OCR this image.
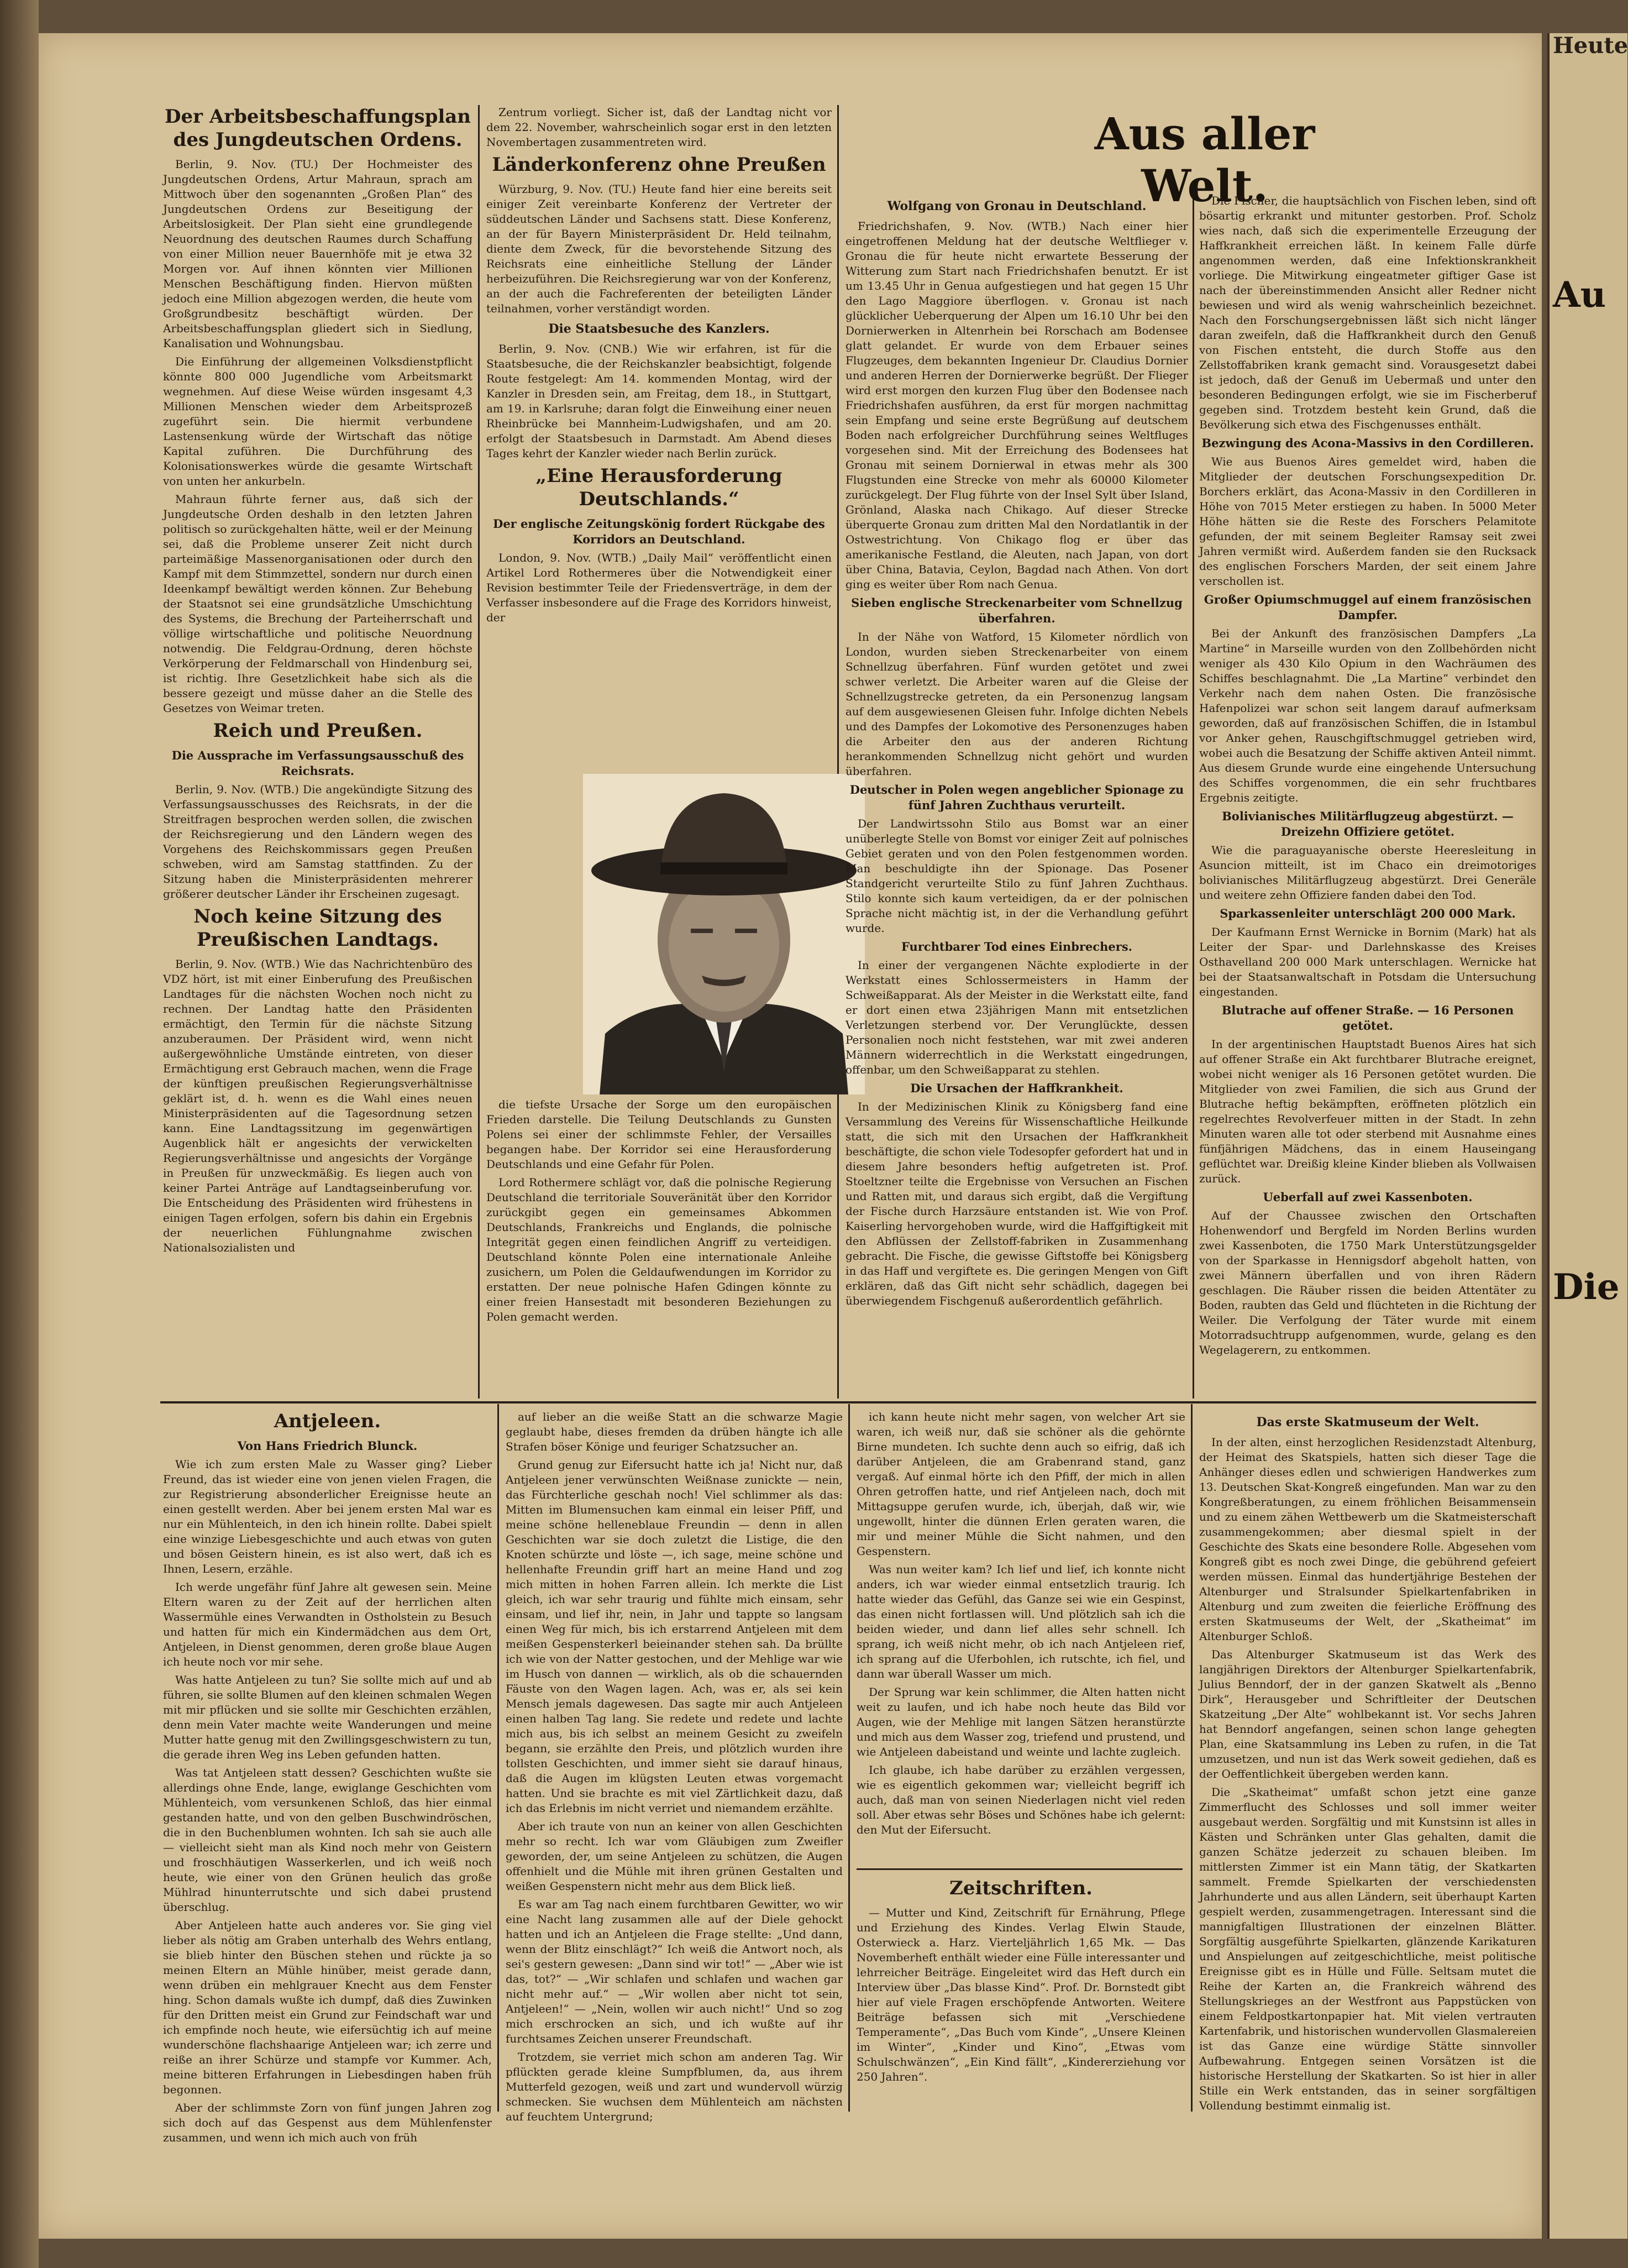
Der Arbeitsbeschaffungsplan des Jungdeutschen Ordens.

Berlin, 9. Nov. (TU.) Der Hochmeister des Jungdeutschen Ordens, Artur Mahraun, sprach am Mittwoch über den sogenannten „Großen Plan“ des Jungdeutschen Ordens zur Beseitigung der Arbeitslosigkeit. Der Plan sieht eine grundlegende Neuordnung des deutschen Raumes durch Schaffung von einer Million neuer Bauernhöfe mit je etwa 32 Morgen vor. Auf ihnen könnten vier Millionen Menschen Beschäftigung finden. Hiervon müßten jedoch eine Million abgezogen werden, die heute vom Großgrundbesitz beschäftigt würden. Der Arbeitsbeschaffungsplan gliedert sich in Siedlung, Kanalisation und Wohnungsbau.

Die Einführung der allgemeinen Volksdienstpflicht könnte 800 000 Jugendliche vom Arbeitsmarkt wegnehmen. Auf diese Weise würden insgesamt 4,3 Millionen Menschen wieder dem Arbeitsprozeß zugeführt sein. Die hiermit verbundene Lastensenkung würde der Wirtschaft das nötige Kapital zuführen. Die Durchführung des Kolonisationswerkes würde die gesamte Wirtschaft von unten her ankurbeln.

Mahraun führte ferner aus, daß sich der Jungdeutsche Orden deshalb in den letzten Jahren politisch so zurückgehalten hätte, weil er der Meinung sei, daß die Probleme unserer Zeit nicht durch parteimäßige Massenorganisationen oder durch den Kampf mit dem Stimmzettel, sondern nur durch einen Ideenkampf bewältigt werden können. Zur Behebung der Staatsnot sei eine grundsätzliche Umschichtung des Systems, die Brechung der Parteiherrschaft und völlige wirtschaftliche und politische Neuordnung notwendig. Die Feldgrau-Ordnung, deren höchste Verkörperung der Feldmarschall von Hindenburg sei, ist richtig. Ihre Gesetzlichkeit habe sich als die bessere gezeigt und müsse daher an die Stelle des Gesetzes von Weimar treten.

Reich und Preußen.
Die Aussprache im Verfassungsausschuß des Reichsrats.

Berlin, 9. Nov. (WTB.) Die angekündigte Sitzung des Verfassungsausschusses des Reichsrats, in der die Streitfragen besprochen werden sollen, die zwischen der Reichsregierung und den Ländern wegen des Vorgehens des Reichskommissars gegen Preußen schweben, wird am Samstag stattfinden. Zu der Sitzung haben die Ministerpräsidenten mehrerer größerer deutscher Länder ihr Erscheinen zugesagt.

Noch keine Sitzung des Preußischen Landtags.

Berlin, 9. Nov. (WTB.) Wie das Nachrichtenbüro des VDZ hört, ist mit einer Einberufung des Preußischen Landtages für die nächsten Wochen noch nicht zu rechnen. Der Landtag hatte den Präsidenten ermächtigt, den Termin für die nächste Sitzung anzuberaumen. Der Präsident wird, wenn nicht außergewöhnliche Umstände eintreten, von dieser Ermächtigung erst Gebrauch machen, wenn die Frage der künftigen preußischen Regierungsverhältnisse geklärt ist, d. h. wenn es die Wahl eines neuen Ministerpräsidenten auf die Tagesordnung setzen kann. Eine Landtagssitzung im gegenwärtigen Augenblick hält er angesichts der verwickelten Regierungsverhältnisse und angesichts der Vorgänge in Preußen für unzweckmäßig. Es liegen auch von keiner Partei Anträge auf Landtagseinberufung vor. Die Entscheidung des Präsidenten wird frühestens in einigen Tagen erfolgen, sofern bis dahin ein Ergebnis der neuerlichen Fühlungnahme zwischen Nationalsozialisten und

Zentrum vorliegt. Sicher ist, daß der Landtag nicht vor dem 22. November, wahrscheinlich sogar erst in den letzten Novembertagen zusammentreten wird.

Länderkonferenz ohne Preußen

Würzburg, 9. Nov. (TU.) Heute fand hier eine bereits seit einiger Zeit vereinbarte Konferenz der Vertreter der süddeutschen Länder und Sachsens statt. Diese Konferenz, an der für Bayern Ministerpräsident Dr. Held teilnahm, diente dem Zweck, für die bevorstehende Sitzung des Reichsrats eine einheitliche Stellung der Länder herbeizuführen. Die Reichsregierung war von der Konferenz, an der auch die Fachreferenten der beteiligten Länder teilnahmen, vorher verständigt worden.

Die Staatsbesuche des Kanzlers.

Berlin, 9. Nov. (CNB.) Wie wir erfahren, ist für die Staatsbesuche, die der Reichskanzler beabsichtigt, folgende Route festgelegt: Am 14. kommenden Montag, wird der Kanzler in Dresden sein, am Freitag, dem 18., in Stuttgart, am 19. in Karlsruhe; daran folgt die Einweihung einer neuen Rheinbrücke bei Mannheim-Ludwigshafen, und am 20. erfolgt der Staatsbesuch in Darmstadt. Am Abend dieses Tages kehrt der Kanzler wieder nach Berlin zurück.

„Eine Herausforderung Deutschlands.“
Der englische Zeitungskönig fordert Rückgabe des Korridors an Deutschland.

London, 9. Nov. (WTB.) „Daily Mail“ veröffentlicht einen Artikel Lord Rothermeres über die Notwendigkeit einer Revision bestimmter Teile der Friedensverträge, in dem der Verfasser insbesondere auf die Frage des Korridors hinweist, der

die tiefste Ursache der Sorge um den europäischen Frieden darstelle. Die Teilung Deutschlands zu Gunsten Polens sei einer der schlimmste Fehler, der Versailles begangen habe. Der Korridor sei eine Herausforderung Deutschlands und eine Gefahr für Polen.

Lord Rothermere schlägt vor, daß die polnische Regierung Deutschland die territoriale Souveränität über den Korridor zurückgibt gegen ein gemeinsames Abkommen Deutschlands, Frankreichs und Englands, die polnische Integrität gegen einen feindlichen Angriff zu verteidigen. Deutschland könnte Polen eine internationale Anleihe zusichern, um Polen die Geldaufwendungen im Korridor zu erstatten. Der neue polnische Hafen Gdingen könnte zu einer freien Hansestadt mit besonderen Beziehungen zu Polen gemacht werden.

Aus aller Welt.
Wolfgang von Gronau in Deutschland.

Friedrichshafen, 9. Nov. (WTB.) Nach einer hier eingetroffenen Meldung hat der deutsche Weltflieger v. Gronau die für heute nicht erwartete Besserung der Witterung zum Start nach Friedrichshafen benutzt. Er ist um 13.45 Uhr in Genua aufgestiegen und hat gegen 15 Uhr den Lago Maggiore überflogen. v. Gronau ist nach glücklicher Ueberquerung der Alpen um 16.10 Uhr bei den Dornierwerken in Altenrhein bei Rorschach am Bodensee glatt gelandet. Er wurde von dem Erbauer seines Flugzeuges, dem bekannten Ingenieur Dr. Claudius Dornier und anderen Herren der Dornierwerke begrüßt. Der Flieger wird erst morgen den kurzen Flug über den Bodensee nach Friedrichshafen ausführen, da erst für morgen nachmittag sein Empfang und seine erste Begrüßung auf deutschem Boden nach erfolgreicher Durchführung seines Weltfluges vorgesehen sind. Mit der Erreichung des Bodensees hat Gronau mit seinem Dornierwal in etwas mehr als 300 Flugstunden eine Strecke von mehr als 60000 Kilometer zurückgelegt. Der Flug führte von der Insel Sylt über Island, Grönland, Alaska nach Chikago. Auf dieser Strecke überquerte Gronau zum dritten Mal den Nordatlantik in der Ostwestrichtung. Von Chikago flog er über das amerikanische Festland, die Aleuten, nach Japan, von dort über China, Batavia, Ceylon, Bagdad nach Athen. Von dort ging es weiter über Rom nach Genua.

Sieben englische Streckenarbeiter vom Schnellzug überfahren.

In der Nähe von Watford, 15 Kilometer nördlich von London, wurden sieben Streckenarbeiter von einem Schnellzug überfahren. Fünf wurden getötet und zwei schwer verletzt. Die Arbeiter waren auf die Gleise der Schnellzugstrecke getreten, da ein Personenzug langsam auf dem ausgewiesenen Gleisen fuhr. Infolge dichten Nebels und des Dampfes der Lokomotive des Personenzuges haben die Arbeiter den aus der anderen Richtung herankommenden Schnellzug nicht gehört und wurden überfahren.

Deutscher in Polen wegen angeblicher Spionage zu fünf Jahren Zuchthaus verurteilt.

Der Landwirtssohn Stilo aus Bomst war an einer unüberlegte Stelle von Bomst vor einiger Zeit auf polnisches Gebiet geraten und von den Polen festgenommen worden. Man beschuldigte ihn der Spionage. Das Posener Standgericht verurteilte Stilo zu fünf Jahren Zuchthaus. Stilo konnte sich kaum verteidigen, da er der polnischen Sprache nicht mächtig ist, in der die Verhandlung geführt wurde.

Furchtbarer Tod eines Einbrechers.

In einer der vergangenen Nächte explodierte in der Werkstatt eines Schlossermeisters in Hamm der Schweißapparat. Als der Meister in die Werkstatt eilte, fand er dort einen etwa 23jährigen Mann mit entsetzlichen Verletzungen sterbend vor. Der Verunglückte, dessen Personalien noch nicht feststehen, war mit zwei anderen Männern widerrechtlich in die Werkstatt eingedrungen, offenbar, um den Schweißapparat zu stehlen.

Die Ursachen der Haffkrankheit.

In der Medizinischen Klinik zu Königsberg fand eine Versammlung des Vereins für Wissenschaftliche Heilkunde statt, die sich mit den Ursachen der Haffkrankheit beschäftigte, die schon viele Todesopfer gefordert hat und in diesem Jahre besonders heftig aufgetreten ist. Prof. Stoeltzner teilte die Ergebnisse von Versuchen an Fischen und Ratten mit, und daraus sich ergibt, daß die Vergiftung der Fische durch Harzsäure entstanden ist. Wie von Prof. Kaiserling hervorgehoben wurde, wird die Haffgiftigkeit mit den Abflüssen der Zellstoff-fabriken in Zusammenhang gebracht. Die Fische, die gewisse Giftstoffe bei Königsberg in das Haff und vergiftete es. Die geringen Mengen von Gift erklären, daß das Gift nicht sehr schädlich, dagegen bei überwiegendem Fischgenuß außerordentlich gefährlich.

Die Fischer, die hauptsächlich von Fischen leben, sind oft bösartig erkrankt und mitunter gestorben. Prof. Scholz wies nach, daß sich die experimentelle Erzeugung der Haffkrankheit erreichen läßt. In keinem Falle dürfe angenommen werden, daß eine Infektionskrankheit vorliege. Die Mitwirkung eingeatmeter giftiger Gase ist nach der übereinstimmenden Ansicht aller Redner nicht bewiesen und wird als wenig wahrscheinlich bezeichnet. Nach den Forschungsergebnissen läßt sich nicht länger daran zweifeln, daß die Haffkrankheit durch den Genuß von Fischen entsteht, die durch Stoffe aus den Zellstoffabriken krank gemacht sind. Vorausgesetzt dabei ist jedoch, daß der Genuß im Uebermaß und unter den besonderen Bedingungen erfolgt, wie sie im Fischerberuf gegeben sind. Trotzdem besteht kein Grund, daß die Bevölkerung sich etwa des Fischgenusses enthält.

Bezwingung des Acona-Massivs in den Cordilleren.

Wie aus Buenos Aires gemeldet wird, haben die Mitglieder der deutschen Forschungsexpedition Dr. Borchers erklärt, das Acona-Massiv in den Cordilleren in Höhe von 7015 Meter erstiegen zu haben. In 5000 Meter Höhe hätten sie die Reste des Forschers Pelamitote gefunden, der mit seinem Begleiter Ramsay seit zwei Jahren vermißt wird. Außerdem fanden sie den Rucksack des englischen Forschers Marden, der seit einem Jahre verschollen ist.

Großer Opiumschmuggel auf einem französischen Dampfer.

Bei der Ankunft des französischen Dampfers „La Martine“ in Marseille wurden von den Zollbehörden nicht weniger als 430 Kilo Opium in den Wachräumen des Schiffes beschlagnahmt. Die „La Martine“ verbindet den Verkehr nach dem nahen Osten. Die französische Hafenpolizei war schon seit langem darauf aufmerksam geworden, daß auf französischen Schiffen, die in Istambul vor Anker gehen, Rauschgiftschmuggel getrieben wird, wobei auch die Besatzung der Schiffe aktiven Anteil nimmt. Aus diesem Grunde wurde eine eingehende Untersuchung des Schiffes vorgenommen, die ein sehr fruchtbares Ergebnis zeitigte.

Bolivianisches Militärflugzeug abgestürzt. — Dreizehn Offiziere getötet.

Wie die paraguayanische oberste Heeresleitung in Asuncion mitteilt, ist im Chaco ein dreimotoriges bolivianisches Militärflugzeug abgestürzt. Drei Generäle und weitere zehn Offiziere fanden dabei den Tod.

Sparkassenleiter unterschlägt 200 000 Mark.

Der Kaufmann Ernst Wernicke in Bornim (Mark) hat als Leiter der Spar- und Darlehnskasse des Kreises Osthavelland 200 000 Mark unterschlagen. Wernicke hat bei der Staatsanwaltschaft in Potsdam die Untersuchung eingestanden.

Blutrache auf offener Straße. — 16 Personen getötet.

In der argentinischen Hauptstadt Buenos Aires hat sich auf offener Straße ein Akt furchtbarer Blutrache ereignet, wobei nicht weniger als 16 Personen getötet wurden. Die Mitglieder von zwei Familien, die sich aus Grund der Blutrache heftig bekämpften, eröffneten plötzlich ein regelrechtes Revolverfeuer mitten in der Stadt. In zehn Minuten waren alle tot oder sterbend mit Ausnahme eines fünfjährigen Mädchens, das in einem Hauseingang geflüchtet war. Dreißig kleine Kinder blieben als Vollwaisen zurück.

Ueberfall auf zwei Kassenboten.

Auf der Chaussee zwischen den Ortschaften Hohenwendorf und Bergfeld im Norden Berlins wurden zwei Kassenboten, die 1750 Mark Unterstützungsgelder von der Sparkasse in Hennigsdorf abgeholt hatten, von zwei Männern überfallen und von ihren Rädern geschlagen. Die Räuber rissen die beiden Attentäter zu Boden, raubten das Geld und flüchteten in die Richtung der Weiler. Die Verfolgung der Täter wurde mit einem Motorradsuchtrupp aufgenommen, wurde, gelang es den Wegelagerern, zu entkommen.

Antjeleen.
Von Hans Friedrich Blunck.

Wie ich zum ersten Male zu Wasser ging? Lieber Freund, das ist wieder eine von jenen vielen Fragen, die zur Registrierung absonderlicher Ereignisse heute an einen gestellt werden. Aber bei jenem ersten Mal war es nur ein Mühlenteich, in den ich hinein rollte. Dabei spielt eine winzige Liebesgeschichte und auch etwas von guten und bösen Geistern hinein, es ist also wert, daß ich es Ihnen, Lesern, erzähle.

Ich werde ungefähr fünf Jahre alt gewesen sein. Meine Eltern waren zu der Zeit auf der herrlichen alten Wassermühle eines Verwandten in Ostholstein zu Besuch und hatten für mich ein Kindermädchen aus dem Ort, Antjeleen, in Dienst genommen, deren große blaue Augen ich heute noch vor mir sehe.

Was hatte Antjeleen zu tun? Sie sollte mich auf und ab führen, sie sollte Blumen auf den kleinen schmalen Wegen mit mir pflücken und sie sollte mir Geschichten erzählen, denn mein Vater machte weite Wanderungen und meine Mutter hatte genug mit den Zwillingsgeschwistern zu tun, die gerade ihren Weg ins Leben gefunden hatten.

Was tat Antjeleen statt dessen? Geschichten wußte sie allerdings ohne Ende, lange, ewiglange Geschichten vom Mühlenteich, vom versunkenen Schloß, das hier einmal gestanden hatte, und von den gelben Buschwindröschen, die in den Buchenblumen wohnten. Ich sah sie auch alle — vielleicht sieht man als Kind noch mehr von Geistern und froschhäutigen Wasserkerlen, und ich weiß noch heute, wie einer von den Grünen heulich das große Mühlrad hinunterrutschte und sich dabei prustend überschlug.

Aber Antjeleen hatte auch anderes vor. Sie ging viel lieber als nötig am Graben unterhalb des Wehrs entlang, sie blieb hinter den Büschen stehen und rückte ja so meinen Eltern an Mühle hinüber, meist gerade dann, wenn drüben ein mehlgrauer Knecht aus dem Fenster hing. Schon damals wußte ich dumpf, daß dies Zuwinken für den Dritten meist ein Grund zur Feindschaft war und ich empfinde noch heute, wie eifersüchtig ich auf meine wunderschöne flachshaarige Antjeleen war; ich zerre und reiße an ihrer Schürze und stampfe vor Kummer. Ach, meine bitteren Erfahrungen in Liebesdingen haben früh begonnen.

Aber der schlimmste Zorn von fünf jungen Jahren zog sich doch auf das Gespenst aus dem Mühlenfenster zusammen, und wenn ich mich auch von früh

auf lieber an die weiße Statt an die schwarze Magie geglaubt habe, dieses fremden da drüben hängte ich alle Strafen böser Könige und feuriger Schatzsucher an.

Grund genug zur Eifersucht hatte ich ja! Nicht nur, daß Antjeleen jener verwünschten Weißnase zunickte — nein, das Fürchterliche geschah noch! Viel schlimmer als das: Mitten im Blumensuchen kam einmal ein leiser Pfiff, und meine schöne helleneblaue Freundin — denn in allen Geschichten war sie doch zuletzt die Listige, die den Knoten schürzte und löste —, ich sage, meine schöne und hellenhafte Freundin griff hart an meine Hand und zog mich mitten in hohen Farren allein. Ich merkte die List gleich, ich war sehr traurig und fühlte mich einsam, sehr einsam, und lief ihr, nein, in Jahr und tappte so langsam einen Weg für mich, bis ich erstarrend Antjeleen mit dem meißen Gespensterkerl beieinander stehen sah. Da brüllte ich wie von der Natter gestochen, und der Mehlige war wie im Husch von dannen — wirklich, als ob die schauernden Fäuste von den Wagen lagen. Ach, was er, als sei kein Mensch jemals dagewesen. Das sagte mir auch Antjeleen einen halben Tag lang. Sie redete und redete und lachte mich aus, bis ich selbst an meinem Gesicht zu zweifeln begann, sie erzählte den Preis, und plötzlich wurden ihre tollsten Geschichten, und immer sieht sie darauf hinaus, daß die Augen im klügsten Leuten etwas vorgemacht hatten. Und sie brachte es mit viel Zärtlichkeit dazu, daß ich das Erlebnis im nicht verriet und niemandem erzählte.

Aber ich traute von nun an keiner von allen Geschichten mehr so recht. Ich war vom Gläubigen zum Zweifler geworden, der, um seine Antjeleen zu schützen, die Augen offenhielt und die Mühle mit ihren grünen Gestalten und weißen Gespenstern nicht mehr aus dem Blick ließ.

Es war am Tag nach einem furchtbaren Gewitter, wo wir eine Nacht lang zusammen alle auf der Diele gehockt hatten und ich an Antjeleen die Frage stellte: „Und dann, wenn der Blitz einschlägt?“ Ich weiß die Antwort noch, als sei's gestern gewesen: „Dann sind wir tot!“ — „Aber wie ist das, tot?“ — „Wir schlafen und schlafen und wachen gar nicht mehr auf.“ — „Wir wollen aber nicht tot sein, Antjeleen!“ — „Nein, wollen wir auch nicht!“ Und so zog mich erschrocken an sich, und ich wußte auf ihr furchtsames Zeichen unserer Freundschaft.

Trotzdem, sie verriet mich schon am anderen Tag. Wir pflückten gerade kleine Sumpfblumen, da, aus ihrem Mutterfeld gezogen, weiß und zart und wundervoll würzig schmecken. Sie wuchsen dem Mühlenteich am nächsten auf feuchtem Untergrund;

ich kann heute nicht mehr sagen, von welcher Art sie waren, ich weiß nur, daß sie schöner als die gehörnte Birne mundeten. Ich suchte denn auch so eifrig, daß ich darüber Antjeleen, die am Grabenrand stand, ganz vergaß. Auf einmal hörte ich den Pfiff, der mich in allen Ohren getroffen hatte, und rief Antjeleen nach, doch mit Mittagsuppe gerufen wurde, ich, überjah, daß wir, wie ungewollt, hinter die dünnen Erlen geraten waren, die mir und meiner Mühle die Sicht nahmen, und den Gespenstern.

Was nun weiter kam? Ich lief und lief, ich konnte nicht anders, ich war wieder einmal entsetzlich traurig. Ich hatte wieder das Gefühl, das Ganze sei wie ein Gespinst, das einen nicht fortlassen will. Und plötzlich sah ich die beiden wieder, und dann lief alles sehr schnell. Ich sprang, ich weiß nicht mehr, ob ich nach Antjeleen rief, ich sprang auf die Uferbohlen, ich rutschte, ich fiel, und dann war überall Wasser um mich.

Der Sprung war kein schlimmer, die Alten hatten nicht weit zu laufen, und ich habe noch heute das Bild vor Augen, wie der Mehlige mit langen Sätzen heranstürzte und mich aus dem Wasser zog, triefend und prustend, und wie Antjeleen dabeistand und weinte und lachte zugleich.

Ich glaube, ich habe darüber zu erzählen vergessen, wie es eigentlich gekommen war; vielleicht begriff ich auch, daß man von seinen Niederlagen nicht viel reden soll. Aber etwas sehr Böses und Schönes habe ich gelernt: den Mut der Eifersucht.

Zeitschriften.

— Mutter und Kind, Zeitschrift für Ernährung, Pflege und Erziehung des Kindes. Verlag Elwin Staude, Osterwieck a. Harz. Vierteljährlich 1,65 Mk. — Das Novemberheft enthält wieder eine Fülle interessanter und lehrreicher Beiträge. Eingeleitet wird das Heft durch ein Interview über „Das blasse Kind“. Prof. Dr. Bornstedt gibt hier auf viele Fragen erschöpfende Antworten. Weitere Beiträge befassen sich mit „Verschiedene Temperamente“, „Das Buch vom Kinde“, „Unsere Kleinen im Winter“, „Kinder und Kino“, „Etwas vom Schulschwänzen“, „Ein Kind fällt“, „Kindererziehung vor 250 Jahren“.

Das erste Skatmuseum der Welt.

In der alten, einst herzoglichen Residenzstadt Altenburg, der Heimat des Skatspiels, hatten sich dieser Tage die Anhänger dieses edlen und schwierigen Handwerkes zum 13. Deutschen Skat-Kongreß eingefunden. Man war zu den Kongreßberatungen, zu einem fröhlichen Beisammensein und zu einem zähen Wettbewerb um die Skatmeisterschaft zusammengekommen; aber diesmal spielt in der Geschichte des Skats eine besondere Rolle. Abgesehen vom Kongreß gibt es noch zwei Dinge, die gebührend gefeiert werden müssen. Einmal das hundertjährige Bestehen der Altenburger und Stralsunder Spielkartenfabriken in Altenburg und zum zweiten die feierliche Eröffnung des ersten Skatmuseums der Welt, der „Skatheimat“ im Altenburger Schloß.

Das Altenburger Skatmuseum ist das Werk des langjährigen Direktors der Altenburger Spielkartenfabrik, Julius Benndorf, der in der ganzen Skatwelt als „Benno Dirk“, Herausgeber und Schriftleiter der Deutschen Skatzeitung „Der Alte“ wohlbekannt ist. Vor sechs Jahren hat Benndorf angefangen, seinen schon lange gehegten Plan, eine Skatsammlung ins Leben zu rufen, in die Tat umzusetzen, und nun ist das Werk soweit gediehen, daß es der Oeffentlichkeit übergeben werden kann.

Die „Skatheimat“ umfaßt schon jetzt eine ganze Zimmerflucht des Schlosses und soll immer weiter ausgebaut werden. Sorgfältig und mit Kunstsinn ist alles in Kästen und Schränken unter Glas gehalten, damit die ganzen Schätze jederzeit zu schauen bleiben. Im mittlersten Zimmer ist ein Mann tätig, der Skatkarten sammelt. Fremde Spielkarten der verschiedensten Jahrhunderte und aus allen Ländern, seit überhaupt Karten gespielt werden, zusammengetragen. Interessant sind die mannigfaltigen Illustrationen der einzelnen Blätter. Sorgfältig ausgeführte Spielkarten, glänzende Karikaturen und Anspielungen auf zeitgeschichtliche, meist politische Ereignisse gibt es in Hülle und Fülle. Seltsam mutet die Reihe der Karten an, die Frankreich während des Stellungskrieges an der Westfront aus Pappstücken von einem Feldpostkartonpapier hat. Mit vielen vertrauten Kartenfabrik, und historischen wundervollen Glasmalereien ist das Ganze eine würdige Stätte sinnvoller Aufbewahrung. Entgegen seinen Vorsätzen ist die historische Herstellung der Skatkarten. So ist hier in aller Stille ein Werk entstanden, das in seiner sorgfältigen Vollendung bestimmt einmalig ist.

Heute
Au
Die
